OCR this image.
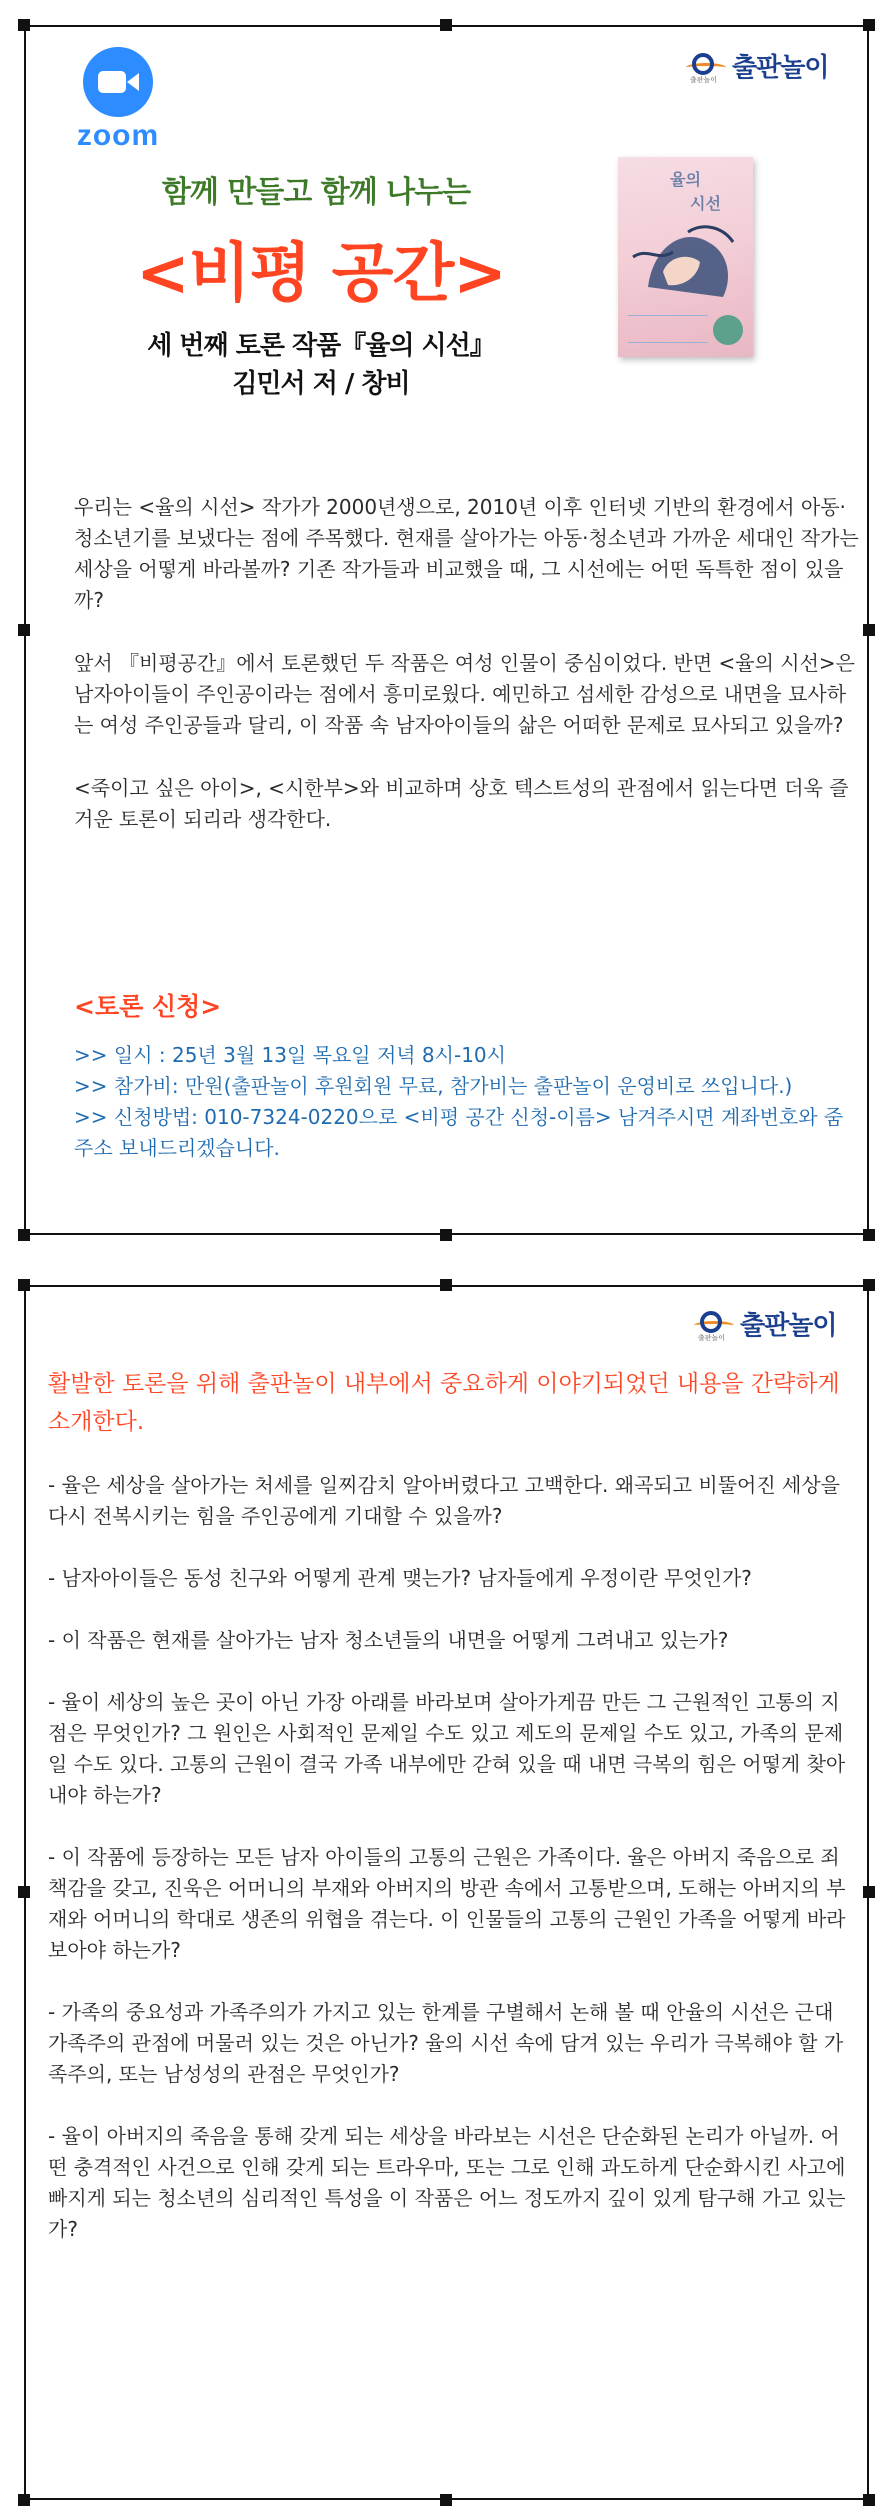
zoom
출판놀이 출판놀이
함께 만들고 함께 나누는
<비평 공간>
세 번째 토론 작품『율의 시선』
김민서 저 / 창비
율의
시선

우리는 <율의 시선> 작가가 2000년생으로, 2010년 이후 인터넷 기반의 환경에서 아동·청소년기를 보냈다는 점에 주목했다. 현재를 살아가는 아동·청소년과 가까운 세대인 작가는 세상을 어떻게 바라볼까? 기존 작가들과 비교했을 때, 그 시선에는 어떤 독특한 점이 있을까?

앞서 『비평공간』에서 토론했던 두 작품은 여성 인물이 중심이었다. 반면 <율의 시선>은 남자아이들이 주인공이라는 점에서 흥미로웠다. 예민하고 섬세한 감성으로 내면을 묘사하는 여성 주인공들과 달리, 이 작품 속 남자아이들의 삶은 어떠한 문제로 묘사되고 있을까?

<죽이고 싶은 아이>, <시한부>와 비교하며 상호 텍스트성의 관점에서 읽는다면 더욱 즐거운 토론이 되리라 생각한다.

<토론 신청>
>> 일시 : 25년 3월 13일 목요일 저녁 8시-10시
>> 참가비: 만원(출판놀이 후원회원 무료, 참가비는 출판놀이 운영비로 쓰입니다.)
>> 신청방법: 010-7324-0220으로 <비평 공간 신청-이름> 남겨주시면 계좌번호와 줌 주소 보내드리겠습니다.
출판놀이 출판놀이
활발한 토론을 위해 출판놀이 내부에서 중요하게 이야기되었던 내용을 간략하게 소개한다.

- 율은 세상을 살아가는 처세를 일찌감치 알아버렸다고 고백한다. 왜곡되고 비뚤어진 세상을 다시 전복시키는 힘을 주인공에게 기대할 수 있을까?

- 남자아이들은 동성 친구와 어떻게 관계 맺는가? 남자들에게 우정이란 무엇인가?

- 이 작품은 현재를 살아가는 남자 청소년들의 내면을 어떻게 그려내고 있는가?

- 율이 세상의 높은 곳이 아닌 가장 아래를 바라보며 살아가게끔 만든 그 근원적인 고통의 지점은 무엇인가? 그 원인은 사회적인 문제일 수도 있고 제도의 문제일 수도 있고, 가족의 문제일 수도 있다. 고통의 근원이 결국 가족 내부에만 갇혀 있을 때 내면 극복의 힘은 어떻게 찾아내야 하는가?

- 이 작품에 등장하는 모든 남자 아이들의 고통의 근원은 가족이다. 율은 아버지 죽음으로 죄책감을 갖고, 진욱은 어머니의 부재와 아버지의 방관 속에서 고통받으며, 도해는 아버지의 부재와 어머니의 학대로 생존의 위협을 겪는다. 이 인물들의 고통의 근원인 가족을 어떻게 바라보아야 하는가?

- 가족의 중요성과 가족주의가 가지고 있는 한계를 구별해서 논해 볼 때 안율의 시선은 근대 가족주의 관점에 머물러 있는 것은 아닌가? 율의 시선 속에 담겨 있는 우리가 극복해야 할 가족주의, 또는 남성성의 관점은 무엇인가?

- 율이 아버지의 죽음을 통해 갖게 되는 세상을 바라보는 시선은 단순화된 논리가 아닐까. 어떤 충격적인 사건으로 인해 갖게 되는 트라우마, 또는 그로 인해 과도하게 단순화시킨 사고에 빠지게 되는 청소년의 심리적인 특성을 이 작품은 어느 정도까지 깊이 있게 탐구해 가고 있는가?
